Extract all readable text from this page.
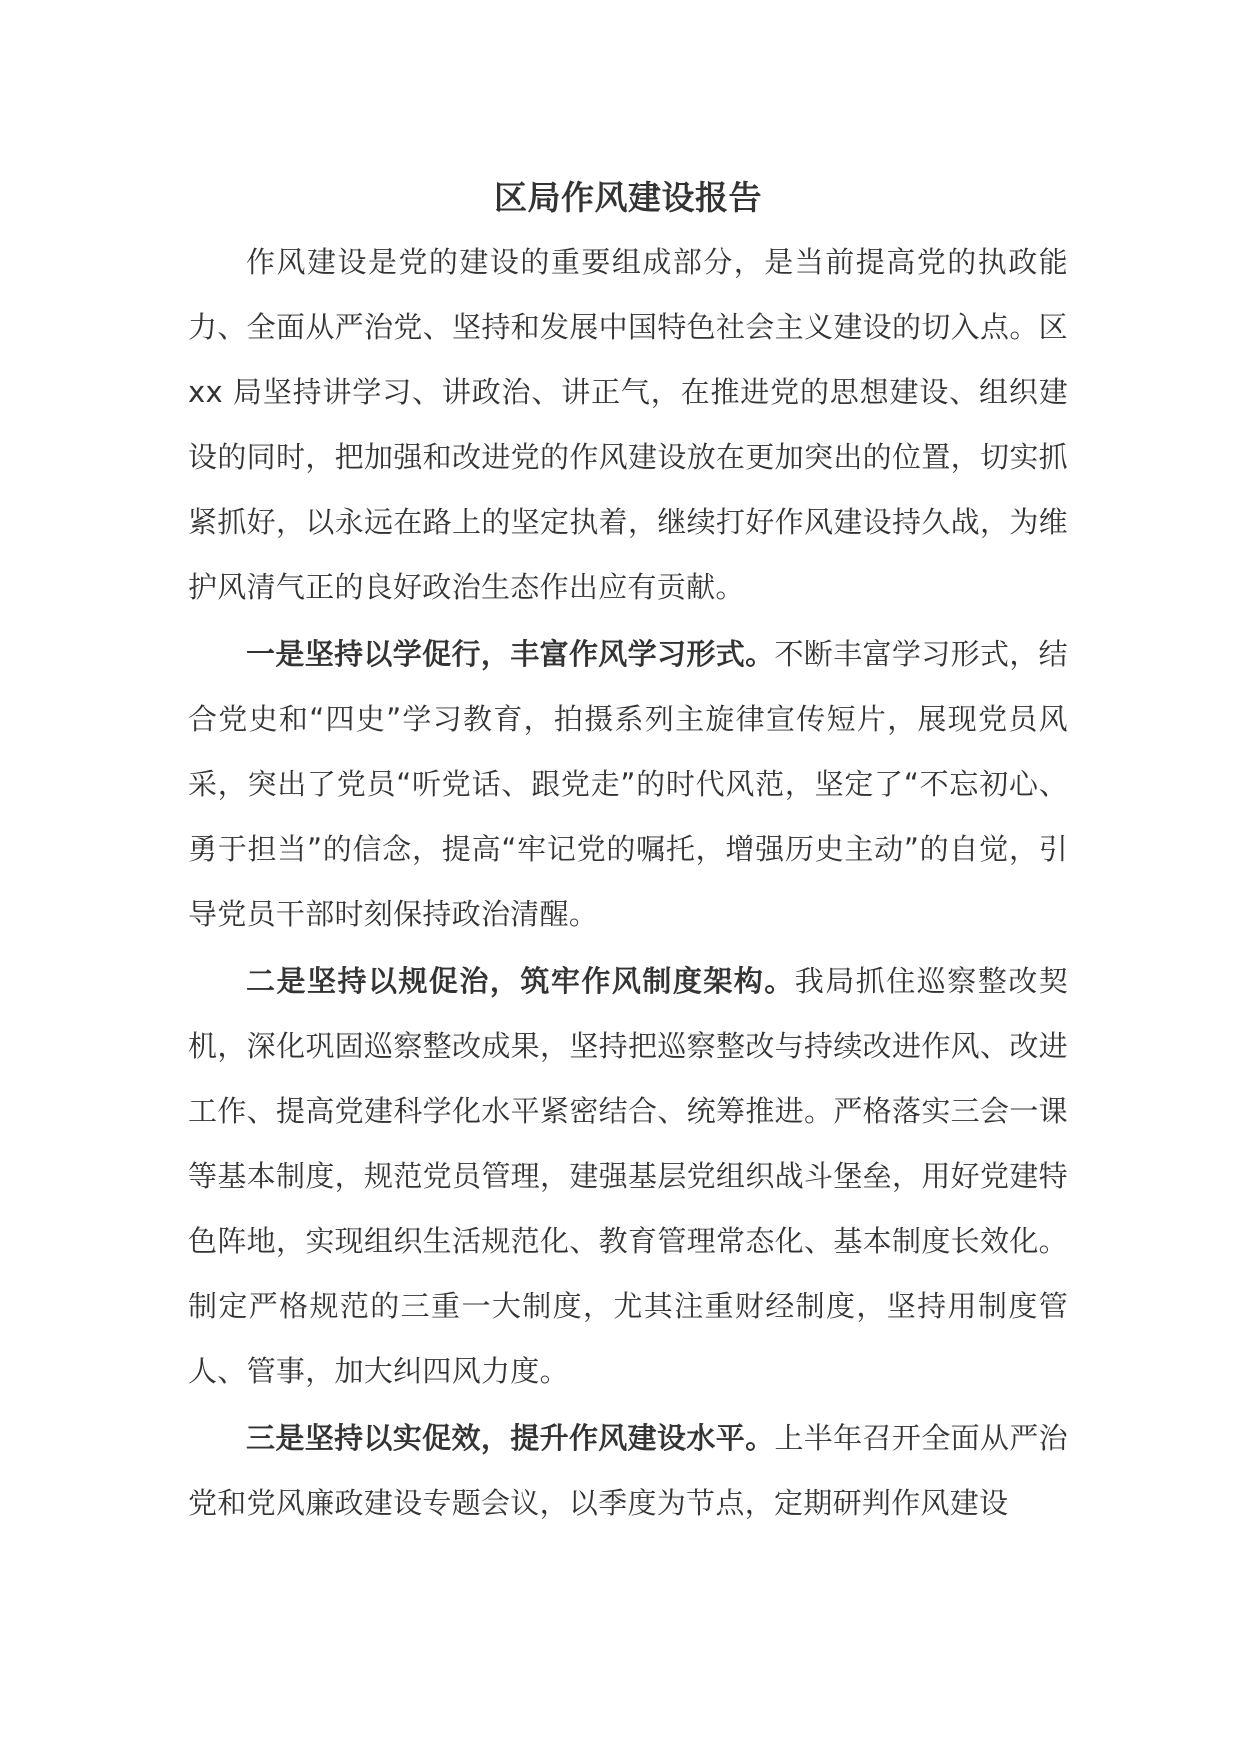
区局作风建设报告

作风建设是党的建设的重要组成部分，是当前提高党的执政能力、全面从严治党、坚持和发展中国特色社会主义建设的切入点。区 xx 局坚持讲学习、讲政治、讲正气，在推进党的思想建设、组织建设的同时，把加强和改进党的作风建设放在更加突出的位置，切实抓紧抓好，以永远在路上的坚定执着，继续打好作风建设持久战，为维护风清气正的良好政治生态作出应有贡献。

一是坚持以学促行，丰富作风学习形式。不断丰富学习形式，结合党史和“四史”学习教育，拍摄系列主旋律宣传短片，展现党员风采，突出了党员“听党话、跟党走”的时代风范，坚定了“不忘初心、勇于担当”的信念，提高“牢记党的嘱托，增强历史主动”的自觉，引导党员干部时刻保持政治清醒。

二是坚持以规促治，筑牢作风制度架构。我局抓住巡察整改契机，深化巩固巡察整改成果，坚持把巡察整改与持续改进作风、改进工作、提高党建科学化水平紧密结合、统筹推进。严格落实三会一课等基本制度，规范党员管理，建强基层党组织战斗堡垒，用好党建特色阵地，实现组织生活规范化、教育管理常态化、基本制度长效化。制定严格规范的三重一大制度，尤其注重财经制度，坚持用制度管人、管事，加大纠四风力度。

三是坚持以实促效，提升作风建设水平。上半年召开全面从严治党和党风廉政建设专题会议，以季度为节点，定期研判作风建设
